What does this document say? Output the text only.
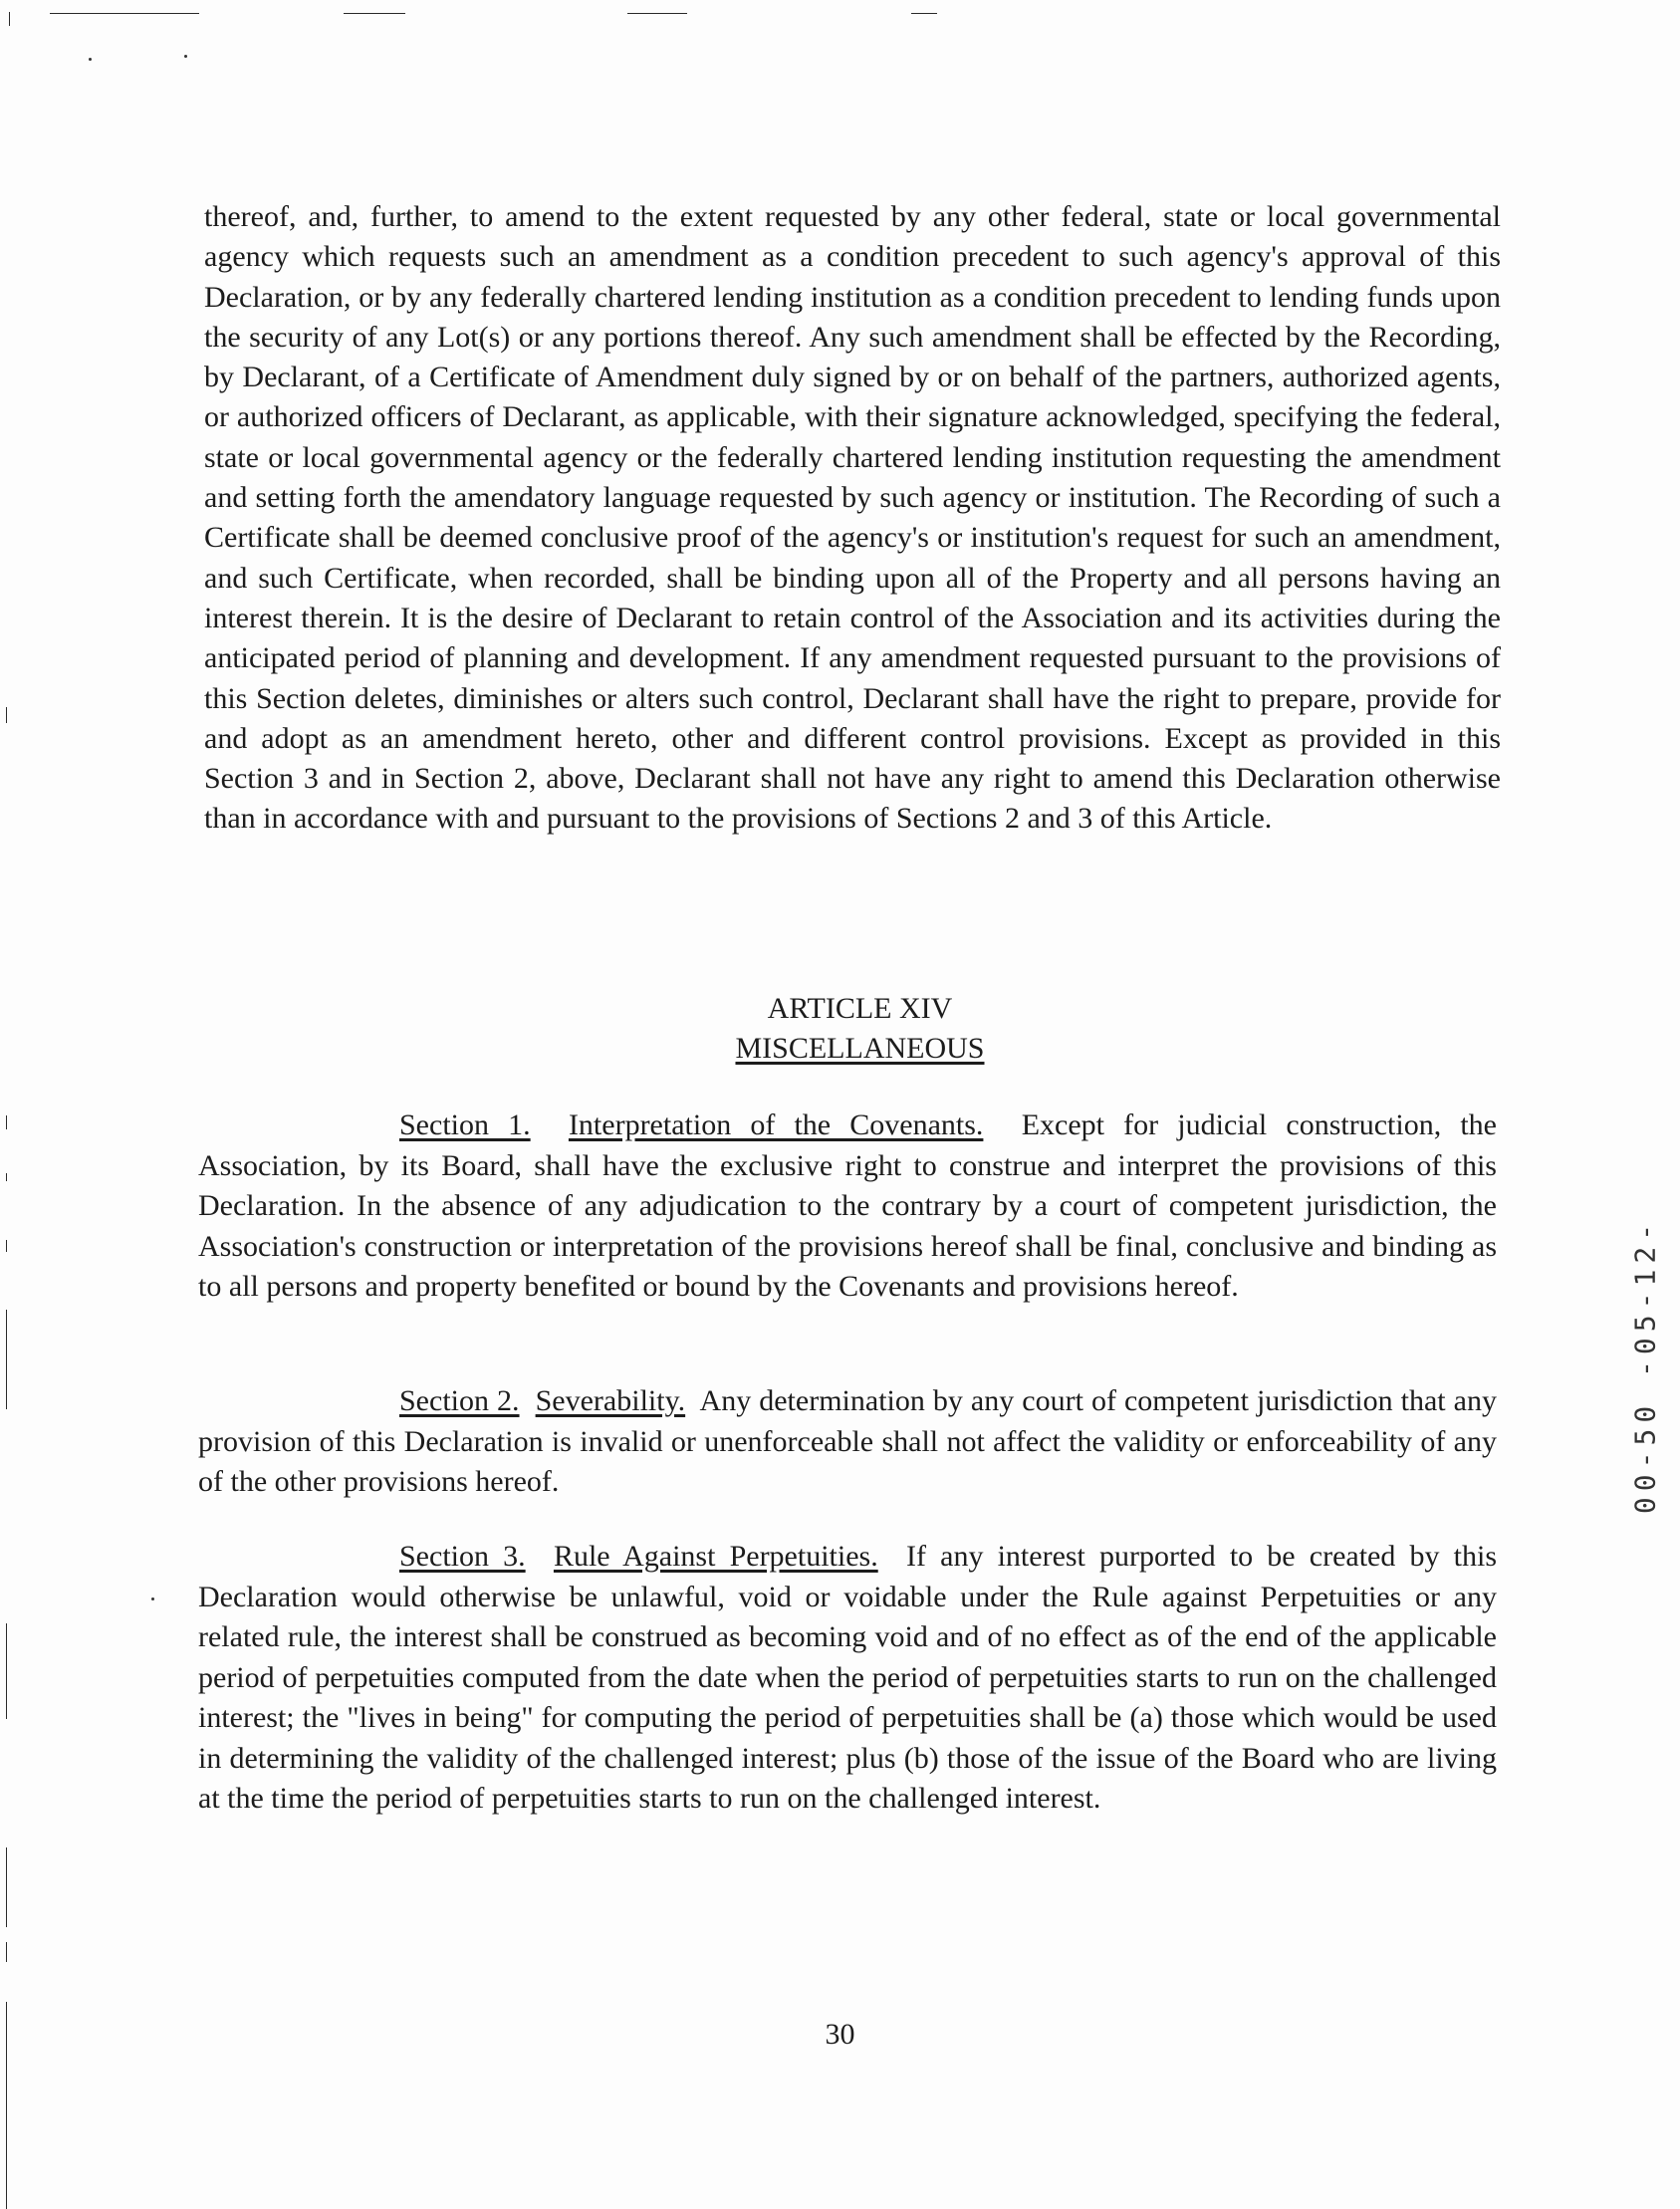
thereof, and, further, to amend to the extent requested by any other federal, state or local governmental agency which requests such an amendment as a condition precedent to such agency's approval of this Declaration, or by any federally chartered lending institution as a condition precedent to lending funds upon the security of any Lot(s) or any portions thereof. Any such amendment shall be effected by the Recording, by Declarant, of a Certificate of Amendment duly signed by or on behalf of the partners, authorized agents, or authorized officers of Declarant, as applicable, with their signature acknowledged, specifying the federal, state or local governmental agency or the federally chartered lending institution requesting the amendment and setting forth the amendatory language requested by such agency or institution. The Recording of such a Certificate shall be deemed conclusive proof of the agency's or institution's request for such an amendment, and such Certificate, when recorded, shall be binding upon all of the Property and all persons having an interest therein. It is the desire of Declarant to retain control of the Association and its activities during the anticipated period of planning and development. If any amendment requested pursuant to the provisions of this Section deletes, diminishes or alters such control, Declarant shall have the right to prepare, provide for and adopt as an amendment hereto, other and different control provisions. Except as provided in this Section 3 and in Section 2, above, Declarant shall not have any right to amend this Declaration otherwise than in accordance with and pursuant to the provisions of Sections 2 and 3 of this Article.

ARTICLE XIV

MISCELLANEOUS

Section 1. Interpretation of the Covenants. Except for judicial construction, the Association, by its Board, shall have the exclusive right to construe and interpret the provisions of this Declaration. In the absence of any adjudication to the contrary by a court of competent jurisdiction, the Association's construction or interpretation of the provisions hereof shall be final, conclusive and binding as to all persons and property benefited or bound by the Covenants and provisions hereof.

Section 2. Severability. Any determination by any court of competent jurisdiction that any provision of this Declaration is invalid or unenforceable shall not affect the validity or enforceability of any of the other provisions hereof.

Section 3. Rule Against Perpetuities. If any interest purported to be created by this Declaration would otherwise be unlawful, void or voidable under the Rule against Perpetuities or any related rule, the interest shall be construed as becoming void and of no effect as of the end of the applicable period of perpetuities computed from the date when the period of perpetuities starts to run on the challenged interest; the "lives in being" for computing the period of perpetuities shall be (a) those which would be used in determining the validity of the challenged interest; plus (b) those of the issue of the Board who are living at the time the period of perpetuities starts to run on the challenged interest.

00-50 -05-12-

30
